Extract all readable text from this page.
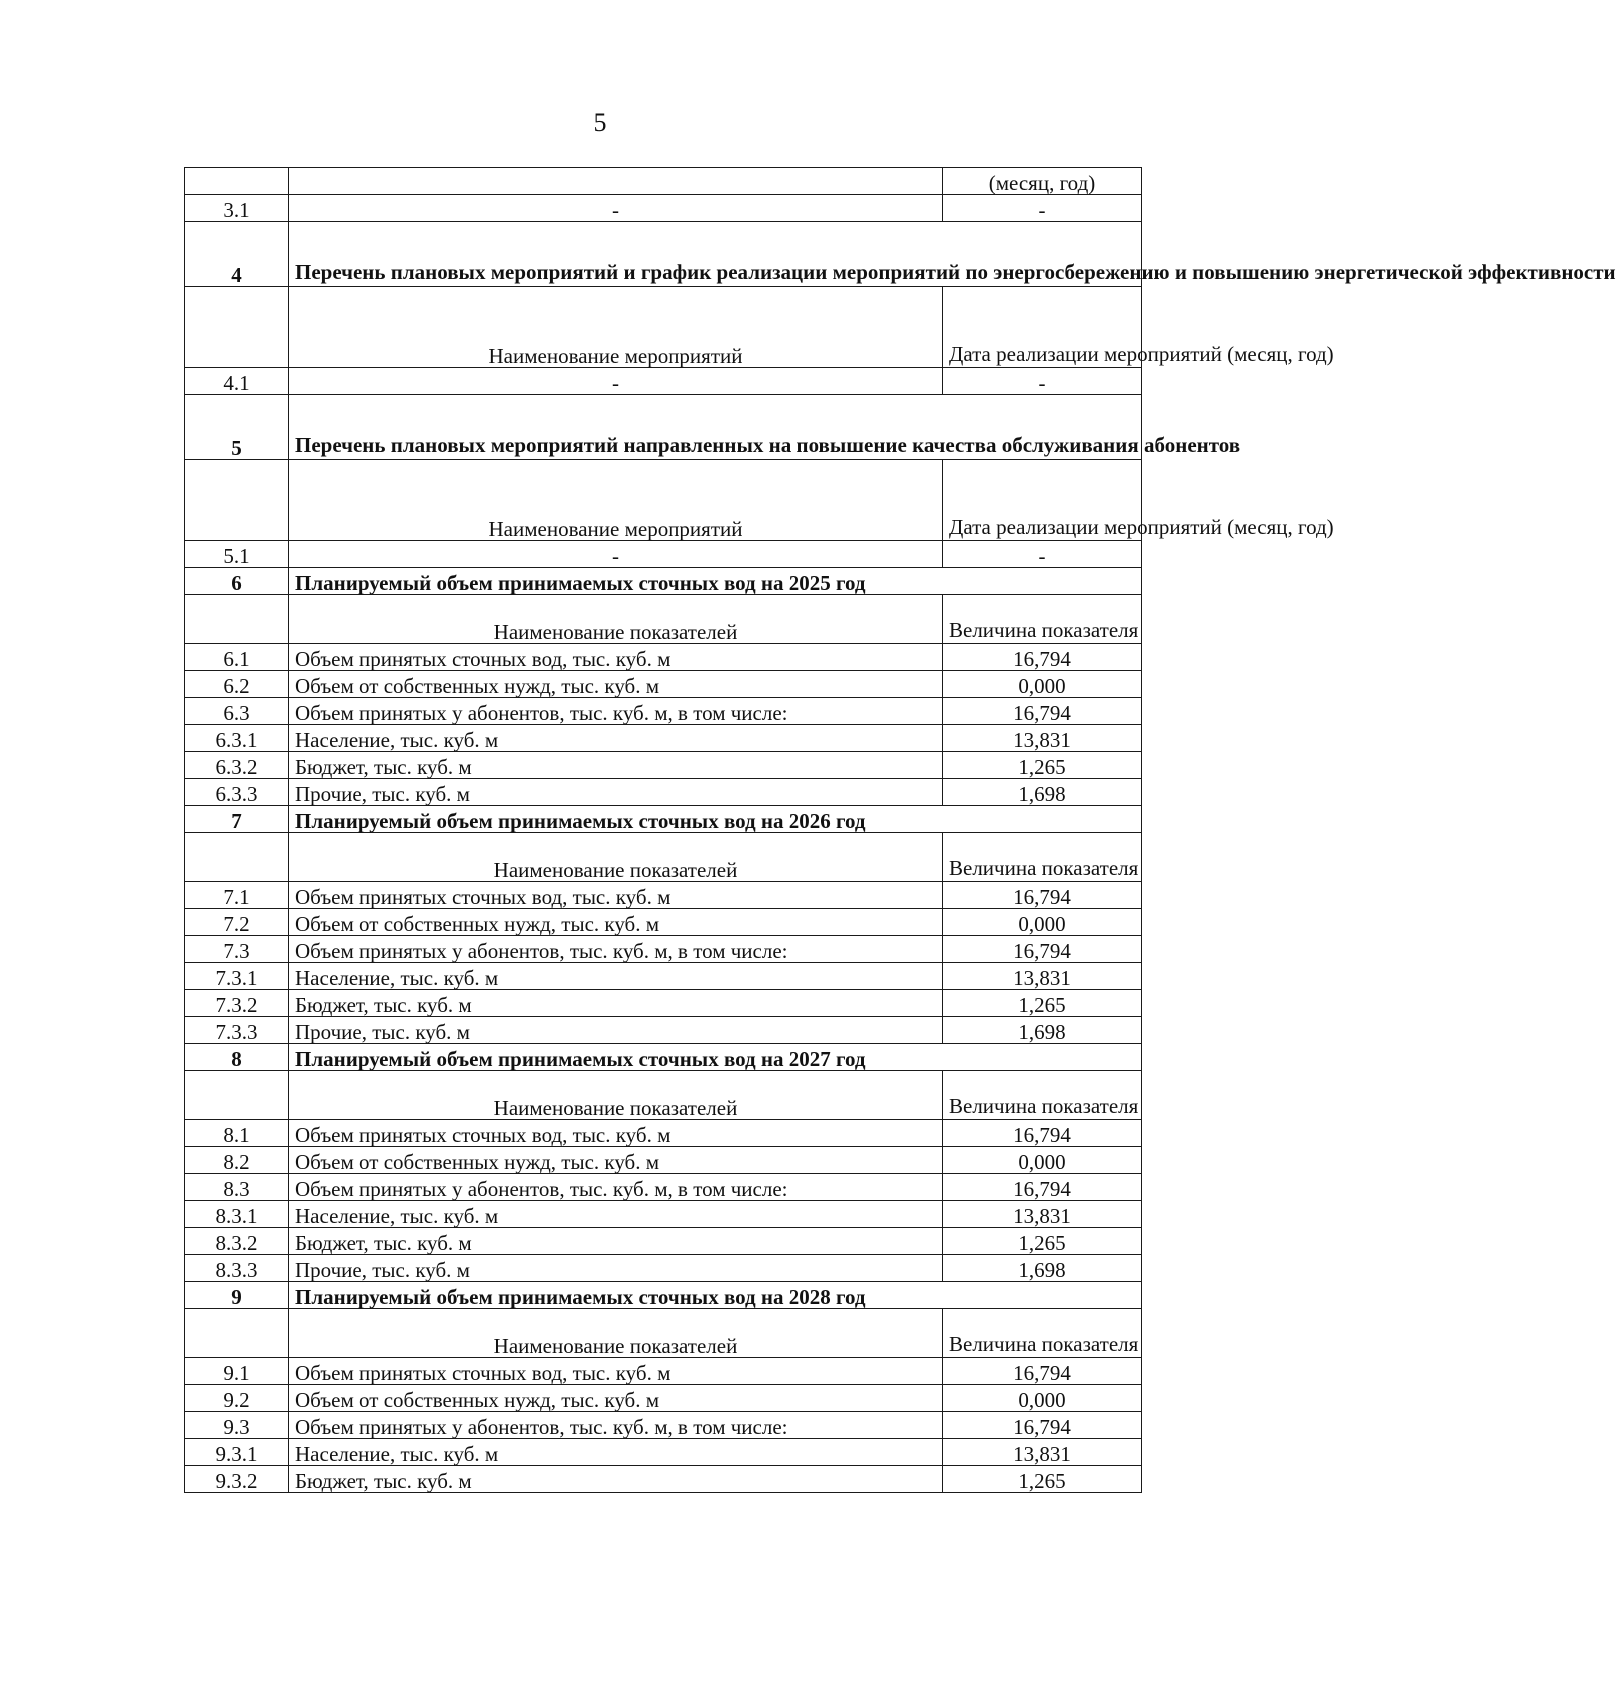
5
		(месяц, год)
3.1	-	-
4	Перечень плановых мероприятий и график реализации мероприятий по энергосбережению и повышению энергетической эффективности	
	Наименование мероприятий	Дата реализации мероприятий (месяц, год)
4.1	-	-
5	Перечень плановых мероприятий направленных на повышение качества обслуживания абонентов	
	Наименование мероприятий	Дата реализации мероприятий (месяц, год)
5.1	-	-
6	Планируемый объем принимаемых сточных вод на 2025 год	
	Наименование показателей	Величина показателя
6.1	Объем принятых сточных вод, тыс. куб. м	16,794
6.2	Объем от собственных нужд, тыс. куб. м	0,000
6.3	Объем принятых у абонентов, тыс. куб. м, в том числе:	16,794
6.3.1	Население, тыс. куб. м	13,831
6.3.2	Бюджет, тыс. куб. м	1,265
6.3.3	Прочие, тыс. куб. м	1,698
7	Планируемый объем принимаемых сточных вод на 2026 год	
	Наименование показателей	Величина показателя
7.1	Объем принятых сточных вод, тыс. куб. м	16,794
7.2	Объем от собственных нужд, тыс. куб. м	0,000
7.3	Объем принятых у абонентов, тыс. куб. м, в том числе:	16,794
7.3.1	Население, тыс. куб. м	13,831
7.3.2	Бюджет, тыс. куб. м	1,265
7.3.3	Прочие, тыс. куб. м	1,698
8	Планируемый объем принимаемых сточных вод на 2027 год	
	Наименование показателей	Величина показателя
8.1	Объем принятых сточных вод, тыс. куб. м	16,794
8.2	Объем от собственных нужд, тыс. куб. м	0,000
8.3	Объем принятых у абонентов, тыс. куб. м, в том числе:	16,794
8.3.1	Население, тыс. куб. м	13,831
8.3.2	Бюджет, тыс. куб. м	1,265
8.3.3	Прочие, тыс. куб. м	1,698
9	Планируемый объем принимаемых сточных вод на 2028 год	
	Наименование показателей	Величина показателя
9.1	Объем принятых сточных вод, тыс. куб. м	16,794
9.2	Объем от собственных нужд, тыс. куб. м	0,000
9.3	Объем принятых у абонентов, тыс. куб. м, в том числе:	16,794
9.3.1	Население, тыс. куб. м	13,831
9.3.2	Бюджет, тыс. куб. м	1,265
